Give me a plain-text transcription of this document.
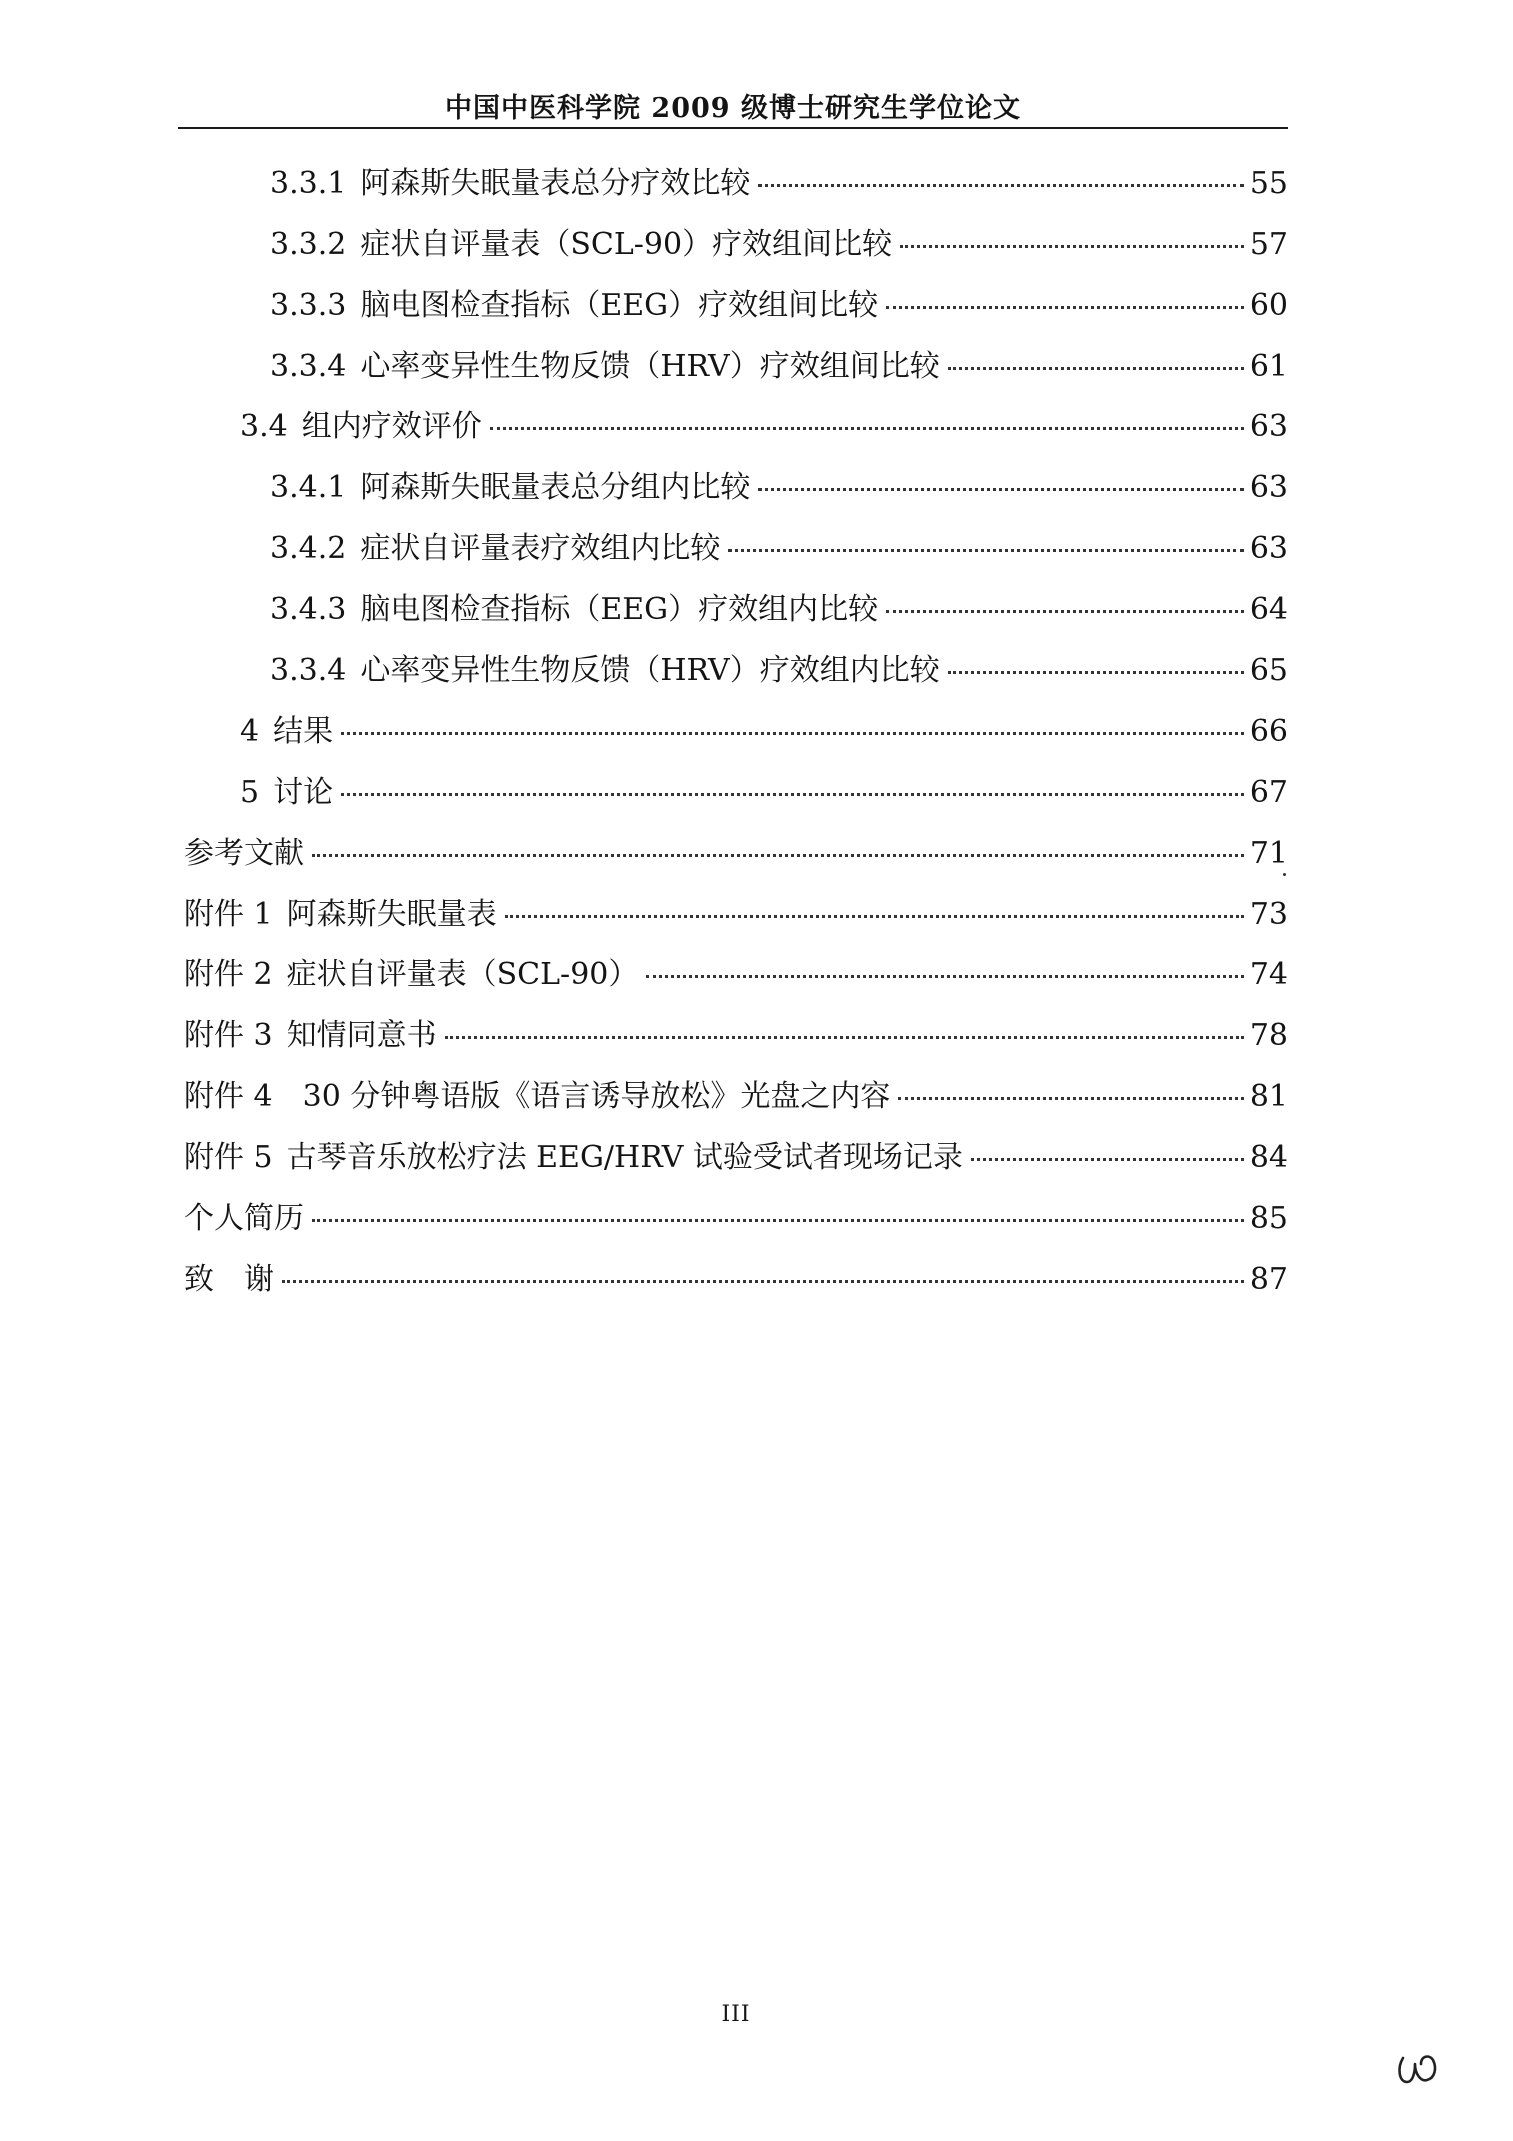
中国中医科学院 2009 级博士研究生学位论文
3.3.1 阿森斯失眠量表总分疗效比较	55
3.3.2 症状自评量表（SCL-90）疗效组间比较	57
3.3.3 脑电图检查指标（EEG）疗效组间比较	60
3.3.4 心率变异性生物反馈（HRV）疗效组间比较	61
3.4 组内疗效评价	63
3.4.1 阿森斯失眠量表总分组内比较	63
3.4.2 症状自评量表疗效组内比较	63
3.4.3 脑电图检查指标（EEG）疗效组内比较	64
3.3.4 心率变异性生物反馈（HRV）疗效组内比较	65
4 结果	66
5 讨论	67
参考文献	71
附件 1 阿森斯失眠量表	73
附件 2 症状自评量表（SCL-90）	74
附件 3 知情同意书	78
附件 4 30 分钟粤语版《语言诱导放松》光盘之内容	81
附件 5 古琴音乐放松疗法 EEG/HRV 试验受试者现场记录	84
个人简历	85
致　谢	87
III
